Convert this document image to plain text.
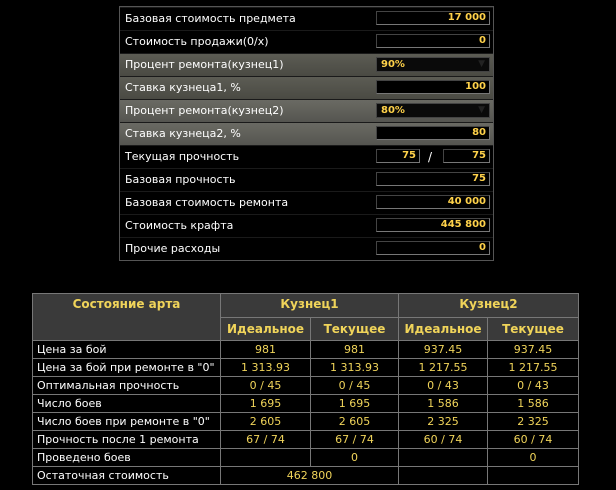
Базовая стоимость предмета	17 000
Стоимость продажи(0/х)	0
Процент ремонта(кузнец1)	90%	▼
Ставка кузнеца1, %	100
Процент ремонта(кузнец2)	80%	▼
Ставка кузнеца2, %	80
Текущая прочность	75	/	75
Базовая прочность	75
Базовая стоимость ремонта	40 000
Стоимость крафта	445 800
Прочие расходы	0
Состояние арта	Кузнец1		Кузнец2	
	Идеальное	Текущее	Идеальное	Текущее
Цена за бой	981	981	937.45	937.45
Цена за бой при ремонте в "0"	1 313.93	1 313.93	1 217.55	1 217.55
Оптимальная прочность	0 / 45	0 / 45	0 / 43	0 / 43
Число боев	1 695	1 695	1 586	1 586
Число боев при ремонте в "0"	2 605	2 605	2 325	2 325
Прочность после 1 ремонта	67 / 74	67 / 74	60 / 74	60 / 74
Проведено боев		0		0
Остаточная стоимость	462 800			
